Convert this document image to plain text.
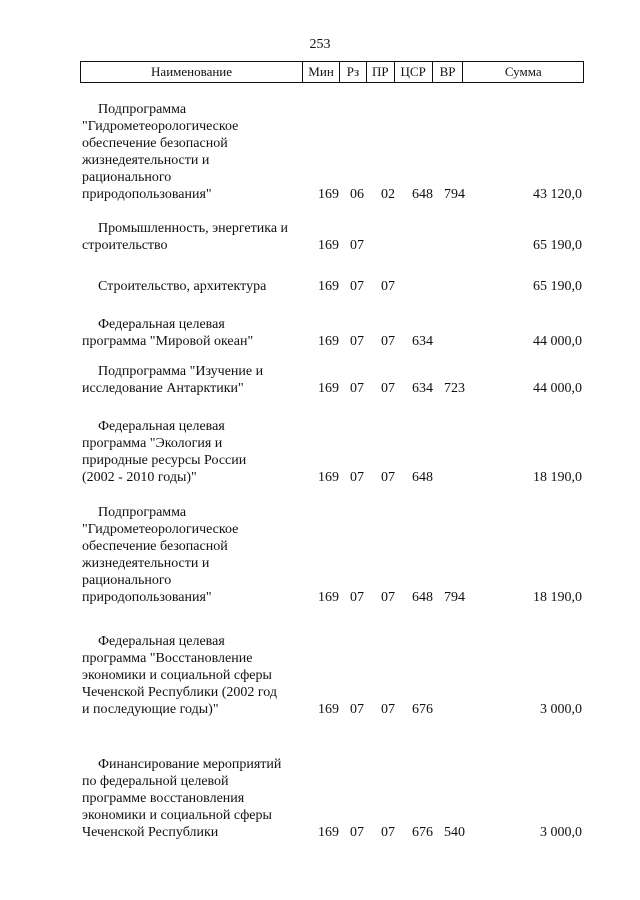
253
Наименование	Мин Рз ПР ЦСР	ВР	Сумма
Подпрограмма
"Гидрометеорологическое
обеспечение безопасной
жизнедеятельности и
рационального
природопользования"	169 06 02 648 794	43 120,0
Промышленность, энергетика и
строительство	169 07	65 190,0
Строительство, архитектура	169 07 07	65 190,0
Федеральная целевая
программа "Мировой океан"	169 07 07 634	44 000,0
Подпрограмма "Изучение и
исследование Антарктики"	169 07 07 634 723	44 000,0
Федеральная целевая
программа "Экология и
природные ресурсы России
(2002 - 2010 годы)"	169 07 07 648	18 190,0
Подпрограмма
"Гидрометеорологическое
обеспечение безопасной
жизнедеятельности и
рационального
природопользования"	169 07 07 648 794	18 190,0
Федеральная целевая
программа "Восстановление
экономики и социальной сферы
Чеченской Республики (2002 год
и последующие годы)"	169 07 07 676	3 000,0
Финансирование мероприятий
по федеральной целевой
программе восстановления
экономики и социальной сферы
Чеченской Республики	169 07 07 676 540	3 000,0
